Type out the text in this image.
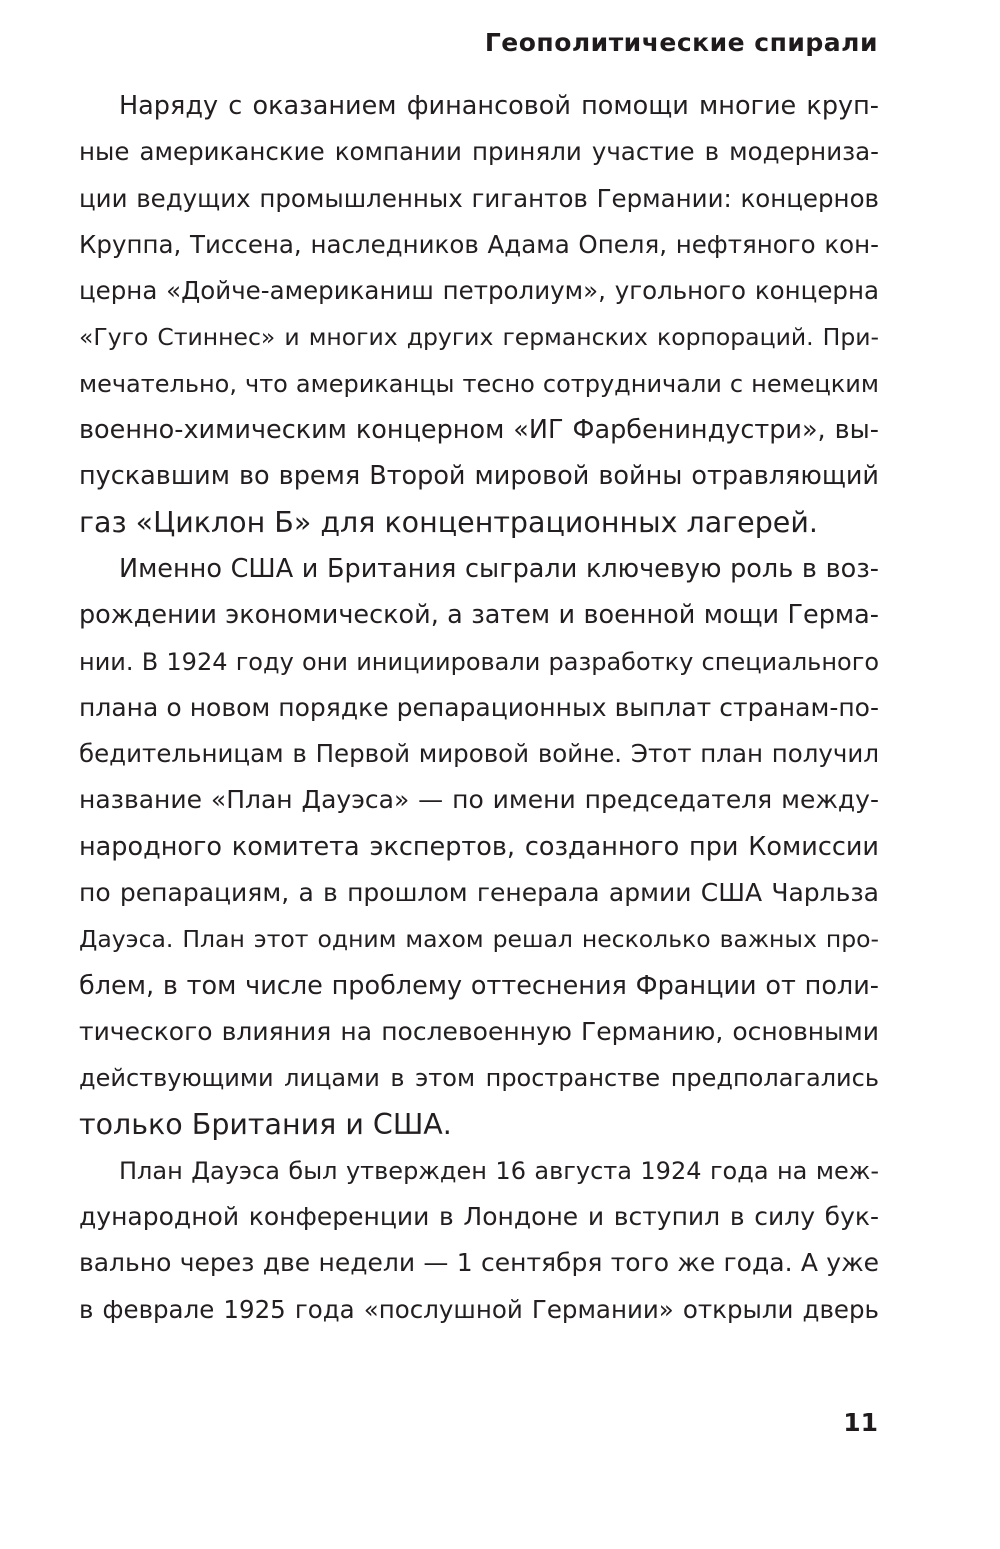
Геополитические спирали
Наряду с оказанием финансовой помощи многие круп-
ные американские компании приняли участие в модерниза-
ции ведущих промышленных гигантов Германии: концернов
Круппа, Тиссена, наследников Адама Опеля, нефтяного кон-
церна «Дойче-американиш петролиум», угольного концерна
«Гуго Стиннес» и многих других германских корпораций. При-
мечательно, что американцы тесно сотрудничали с немецким
военно-химическим концерном «ИГ Фарбениндустри», вы-
пускавшим во время Второй мировой войны отравляющий
газ «Циклон Б» для концентрационных лагерей.
Именно США и Британия сыграли ключевую роль в воз-
рождении экономической, а затем и военной мощи Герма-
нии. В 1924 году они инициировали разработку специального
плана о новом порядке репарационных выплат странам-по-
бедительницам в Первой мировой войне. Этот план получил
название «План Дауэса» — по имени председателя между-
народного комитета экспертов, созданного при Комиссии
по репарациям, а в прошлом генерала армии США Чарльза
Дауэса. План этот одним махом решал несколько важных про-
блем, в том числе проблему оттеснения Франции от поли-
тического влияния на послевоенную Германию, основными
действующими лицами в этом пространстве предполагались
только Британия и США.
План Дауэса был утвержден 16 августа 1924 года на меж-
дународной конференции в Лондоне и вступил в силу бук-
вально через две недели — 1 сентября того же года. А уже
в феврале 1925 года «послушной Германии» открыли дверь
11
